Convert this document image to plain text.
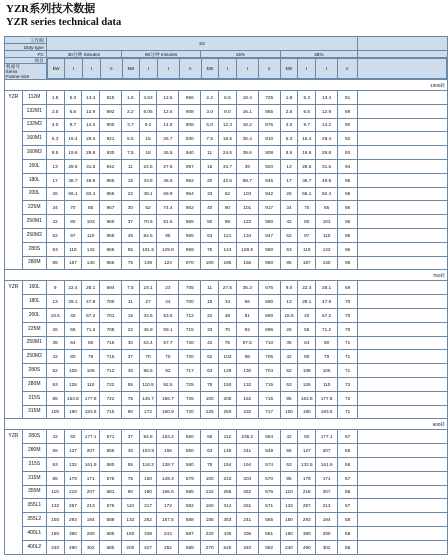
YZR系列技术数据
YZR series technical data
工作制	S2	
Duty type
FC	30分钟 minutes	60分钟 minutes	15%	25%	
项目	
kW	I	I	n	kW	I	I	n	kW	I	I	n	kW	I	I	n	

机座号
Items
Frame-size
1000转
YZR	112M	1.8	5.3	13.4	815	1.5	4.63	12.5	866	2.2	6.6	18.4	725	1.8	5.3	13.4	81	
132M1	2.5	6.5	12.9	892	2.2	6.05	12.6	908	3.0	8.0	16.1	855	2.5	6.5	12.9	89	
132M2	4.0	9.7	14.2	900	3.7	9.2	14.5	908	5.0	12.3	18.2	875	4.0	9.7	14.2	90	
160M1	6.3	16.4	29.4	921	5.5	15	25.7	930	7.5	18.5	35.4	910	6.3	16.4	29.4	92	
160M2	8.5	19.6	29.8	930	7.5	18	26.5	940	11	24.6	39.6	908	8.5	19.6	29.8	93	
160L	13	28.6	31.6	942	11	24.5	27.6	957	15	34.7	39	920	13	28.6	31.6	94	
180L	17	36.7	49.8	955	15	33.8	46.5	962	20	42.6	58.7	946	17	36.7	49.8	95	
200L	26	56.1	82.4	956	22	49.1	69.9	964	33	62	103	942	26	56.1	82.4	95	
225M	34	70	85	957	30	62	74.4	962	40	80	101	917	34	70	85	95	
250M1	42	80	103	960	37	70.5	91.5	965	50	99	123	950	42	80	103	96	
250M2	52	97	110	958	45	84.5	95	965	63	121	134	947	52	97	110	95	
280S	63	118	142	966	55	101.5	129.8	969	75	144	169.5	960	63	118	142	96	
280M	85	157	140	966	75	139	124	970	100	185	166	960	85	157	140	96	
750转
YZR	160L	9	22.4	28.1	694	7.5	19.1	23	705	11	27.5	35.3	676	9.0	22.4	28.1	69	
180L	13	29.1	47.8	700	11	27	44	700	15	34	56	690	13	29.1	47.8	70	
200L	18.5	40	67.2	701	15	33.5	53.5	712	22	48	81	690	18.5	40	67.2	70	
225M	26	55	71.2	708	22	46.9	59.1	715	33	70	92	696	26	55	71.2	70	
250M1	35	64	80	715	30	63.4	67.7	720	42	75	97.5	710	35	64	80	71	
250M2	42	80	79	716	37	70	70	720	52	103	98	706	42	80	79	71	
280S	52	108	106	712	45	96.5	92	717	63	129	130	704	52	108	106	71	
280M	63	126	110	722	55	110.5	92.5	725	75	150	132	715	63	126	110	72	
315S	85	164.8	177.8	722	75	146.7	156.7	725	100	200	162	715	85	164.8	177.8	72	
315M	100	190	183.5	715	90	172	160.9	720	125	250	232	717	100	190	183.5	71	
600转
YZR	280S	42	92	177.1	571	37	84.8	153.2	560	55	112	235.2	564	42	92	177.1	57	
280M	55	127	207	556	45	103.8	165	560	63	146	241	548	55	127	207	55	
315S	63	132	161.9	580	55	118.3	138.7	580	75	154	194	574	63	132.5	161.9	58	
315M	85	179	171	576	75	160	149.3	579	100	210	203	570	85	179	171	57	
355M	110	218	207	581	90	180	166.6	585	132	266	252	576	110	218	207	58	
355L1	132	257	213	576	110	217	172	582	160	314	261	571	132	257	213	57	
355L2	150	293	194	588	132	262	167.5	588	185	353	241	585	150	293	194	58	
400L1	180	390	290	585	160	338	244	587	220	435	336	581	180	390	290	58	
400L2	240	490	302	585	200	427	252	588	270	540	340	582	240	490	302	58	
